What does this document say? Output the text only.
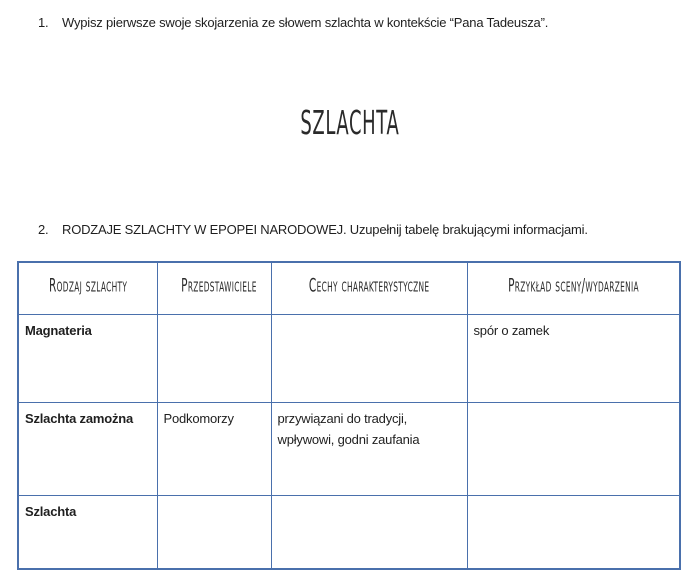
1.	Wypisz pierwsze swoje skojarzenia ze słowem szlachta w kontekście “Pana Tadeusza”.
SZLACHTA
2.	RODZAJE SZLACHTY W EPOPEI NARODOWEJ. Uzupełnij tabelę brakującymi informacjami.
Rodzaj szlachty	Przedstawiciele	Cechy charakterystyczne	Przykład sceny/wydarzenia
Magnateria			spór o zamek
Szlachta zamożna	Podkomorzy	przywiązani do tradycji, wpływowi, godni zaufania	
Szlachta			
